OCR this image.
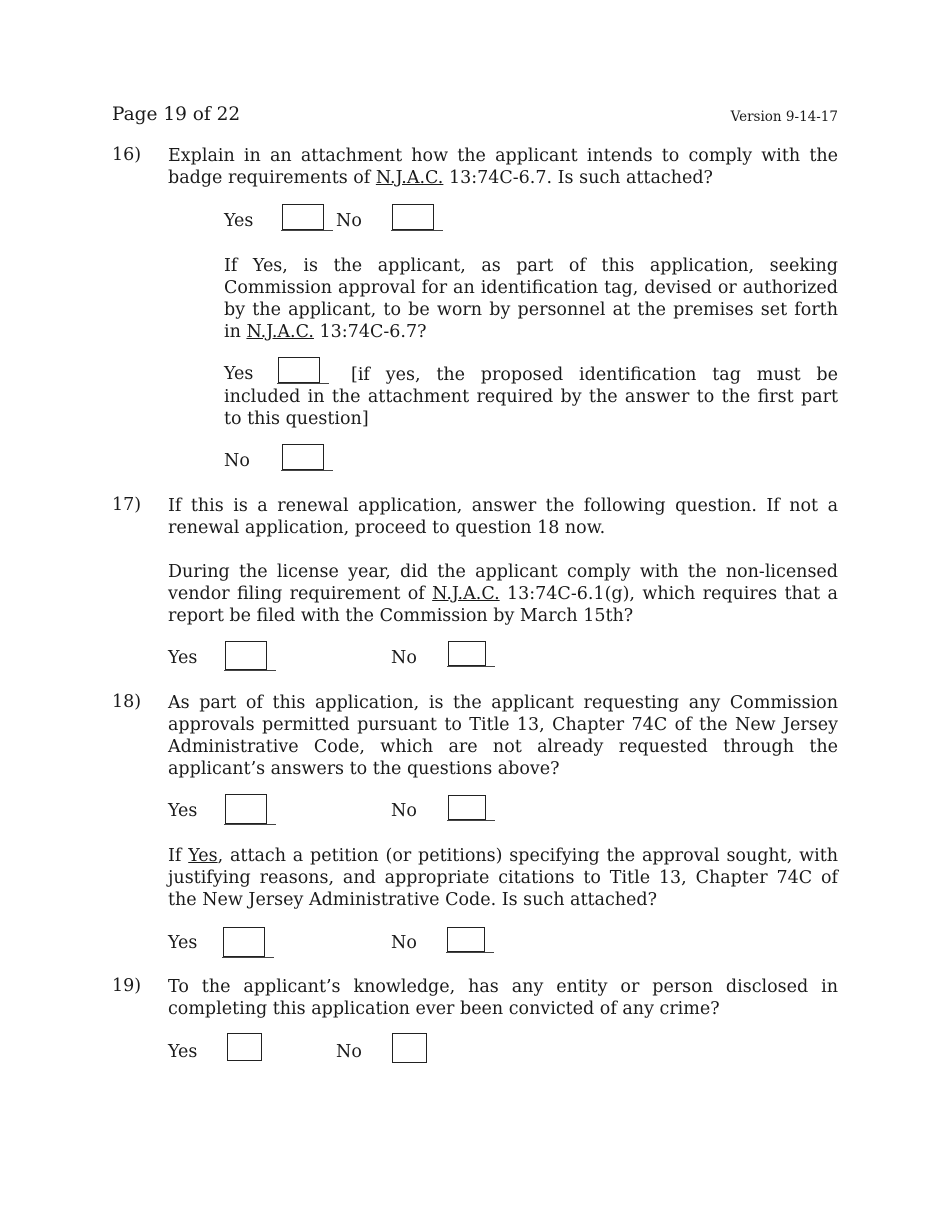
Page 19 of 22	Version 9-14-17
16) Explain in an attachment how the applicant intends to comply with the badge requirements of N.J.A.C. 13:74C-6.7. Is such attached?
Yes	No
If Yes, is the applicant, as part of this application, seeking Commission approval for an identification tag, devised or authorized by the applicant, to be worn by personnel at the premises set forth in N.J.A.C. 13:74C-6.7?
Yes	[if yes, the proposed identification tag must be included in the attachment required by the answer to the first part to this question]
No
17) If this is a renewal application, answer the following question. If not a renewal application, proceed to question 18 now.
During the license year, did the applicant comply with the non-licensed vendor filing requirement of N.J.A.C. 13:74C-6.1(g), which requires that a report be filed with the Commission by March 15th?
Yes	No
18) As part of this application, is the applicant requesting any Commission approvals permitted pursuant to Title 13, Chapter 74C of the New Jersey Administrative Code, which are not already requested through the applicant’s answers to the questions above?
Yes	No
If Yes, attach a petition (or petitions) specifying the approval sought, with justifying reasons, and appropriate citations to Title 13, Chapter 74C of the New Jersey Administrative Code. Is such attached?
Yes	No
19) To the applicant’s knowledge, has any entity or person disclosed in completing this application ever been convicted of any crime?
Yes	No
